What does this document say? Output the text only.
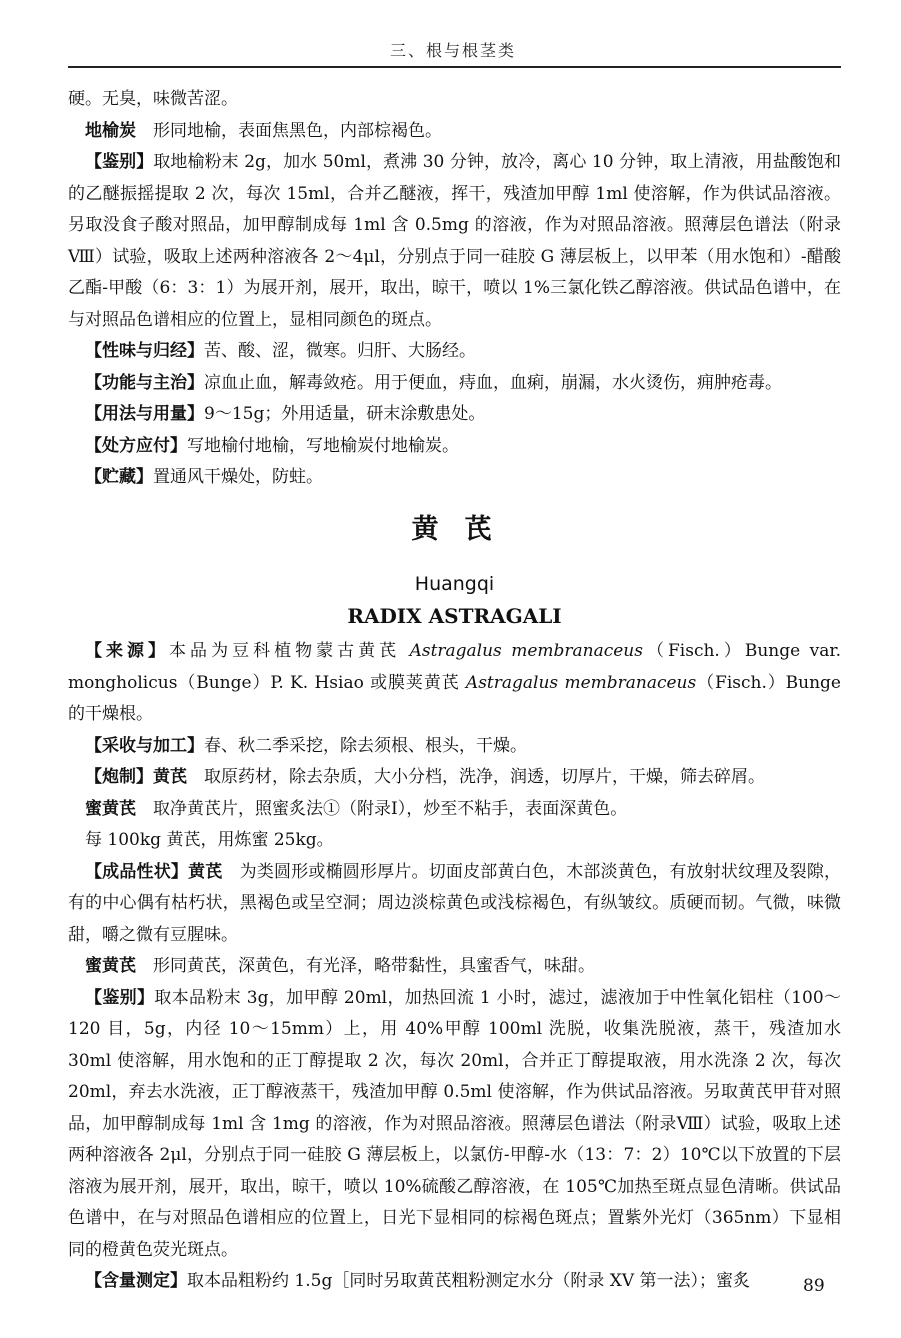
三、根与根茎类

硬。无臭，味微苦涩。

地榆炭　形同地榆，表面焦黑色，内部棕褐色。

【鉴别】取地榆粉末 2g，加水 50ml，煮沸 30 分钟，放冷，离心 10 分钟，取上清液，用盐酸饱和的乙醚振摇提取 2 次，每次 15ml，合并乙醚液，挥干，残渣加甲醇 1ml 使溶解，作为供试品溶液。另取没食子酸对照品，加甲醇制成每 1ml 含 0.5mg 的溶液，作为对照品溶液。照薄层色谱法（附录Ⅷ）试验，吸取上述两种溶液各 2～4μl，分别点于同一硅胶 G 薄层板上，以甲苯（用水饱和）-醋酸乙酯-甲酸（6：3：1）为展开剂，展开，取出，晾干，喷以 1%三氯化铁乙醇溶液。供试品色谱中，在与对照品色谱相应的位置上，显相同颜色的斑点。

【性味与归经】苦、酸、涩，微寒。归肝、大肠经。

【功能与主治】凉血止血，解毒敛疮。用于便血，痔血，血痢，崩漏，水火烫伤，痈肿疮毒。

【用法与用量】9～15g；外用适量，研末涂敷患处。

【处方应付】写地榆付地榆，写地榆炭付地榆炭。

【贮藏】置通风干燥处，防蛀。

黄芪
Huangqi
RADIX ASTRAGALI

【来源】本品为豆科植物蒙古黄芪 Astragalus membranaceus（Fisch.）Bunge var. mongholicus（Bunge）P. K. Hsiao 或膜荚黄芪 Astragalus membranaceus（Fisch.）Bunge 的干燥根。

【采收与加工】春、秋二季采挖，除去须根、根头，干燥。

【炮制】黄芪　取原药材，除去杂质，大小分档，洗净，润透，切厚片，干燥，筛去碎屑。

蜜黄芪　取净黄芪片，照蜜炙法①（附录Ⅰ），炒至不粘手，表面深黄色。

每 100kg 黄芪，用炼蜜 25kg。

【成品性状】黄芪　为类圆形或椭圆形厚片。切面皮部黄白色，木部淡黄色，有放射状纹理及裂隙，有的中心偶有枯朽状，黑褐色或呈空洞；周边淡棕黄色或浅棕褐色，有纵皱纹。质硬而韧。气微，味微甜，嚼之微有豆腥味。

蜜黄芪　形同黄芪，深黄色，有光泽，略带黏性，具蜜香气，味甜。

【鉴别】取本品粉末 3g，加甲醇 20ml，加热回流 1 小时，滤过，滤液加于中性氧化铝柱（100～120 目，5g，内径 10～15mm）上，用 40%甲醇 100ml 洗脱，收集洗脱液，蒸干，残渣加水 30ml 使溶解，用水饱和的正丁醇提取 2 次，每次 20ml，合并正丁醇提取液，用水洗涤 2 次，每次 20ml，弃去水洗液，正丁醇液蒸干，残渣加甲醇 0.5ml 使溶解，作为供试品溶液。另取黄芪甲苷对照品，加甲醇制成每 1ml 含 1mg 的溶液，作为对照品溶液。照薄层色谱法（附录Ⅷ）试验，吸取上述两种溶液各 2μl，分别点于同一硅胶 G 薄层板上，以氯仿-甲醇-水（13：7：2）10℃以下放置的下层溶液为展开剂，展开，取出，晾干，喷以 10%硫酸乙醇溶液，在 105℃加热至斑点显色清晰。供试品色谱中，在与对照品色谱相应的位置上，日光下显相同的棕褐色斑点；置紫外光灯（365nm）下显相同的橙黄色荧光斑点。

【含量测定】取本品粗粉约 1.5g［同时另取黄芪粗粉测定水分（附录 XV 第一法）；蜜炙	89
